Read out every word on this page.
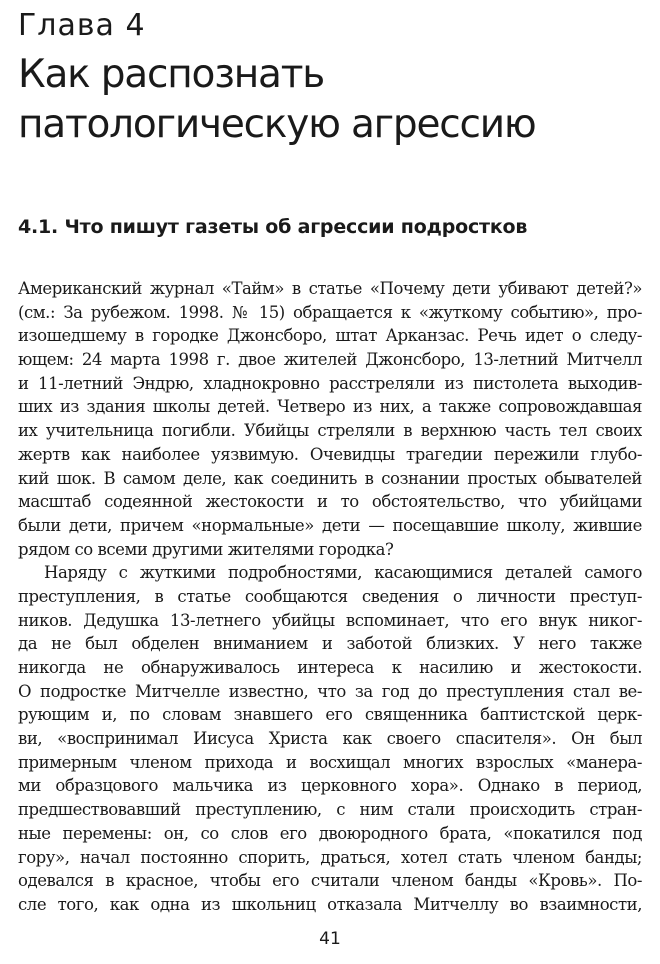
Глава 4
Как распознать
патологическую агрессию
4.1. Что пишут газеты об агрессии подростков
Американский журнал «Тайм» в статье «Почему дети убивают детей?»
(см.: За рубежом. 1998. № 15) обращается к «жуткому событию», про-
изошедшему в городке Джонсборо, штат Арканзас. Речь идет о следу-
ющем: 24 марта 1998 г. двое жителей Джонсборо, 13-летний Митчелл
и 11-летний Эндрю, хладнокровно расстреляли из пистолета выходив-
ших из здания школы детей. Четверо из них, а также сопровождавшая
их учительница погибли. Убийцы стреляли в верхнюю часть тел своих
жертв как наиболее уязвимую. Очевидцы трагедии пережили глубо-
кий шок. В самом деле, как соединить в сознании простых обывателей
масштаб содеянной жестокости и то обстоятельство, что убийцами
были дети, причем «нормальные» дети — посещавшие школу, жившие
рядом со всеми другими жителями городка?
Наряду с жуткими подробностями, касающимися деталей самого
преступления, в статье сообщаются сведения о личности преступ-
ников. Дедушка 13-летнего убийцы вспоминает, что его внук никог-
да не был обделен вниманием и заботой близких. У него также
никогда не обнаруживалось интереса к насилию и жестокости.
О подростке Митчелле известно, что за год до преступления стал ве-
рующим и, по словам знавшего его священника баптистской церк-
ви, «воспринимал Иисуса Христа как своего спасителя». Он был
примерным членом прихода и восхищал многих взрослых «манера-
ми образцового мальчика из церковного хора». Однако в период,
предшествовавший преступлению, с ним стали происходить стран-
ные перемены: он, со слов его двоюродного брата, «покатился под
гору», начал постоянно спорить, драться, хотел стать членом банды;
одевался в красное, чтобы его считали членом банды «Кровь». По-
сле того, как одна из школьниц отказала Митчеллу во взаимности,
41
